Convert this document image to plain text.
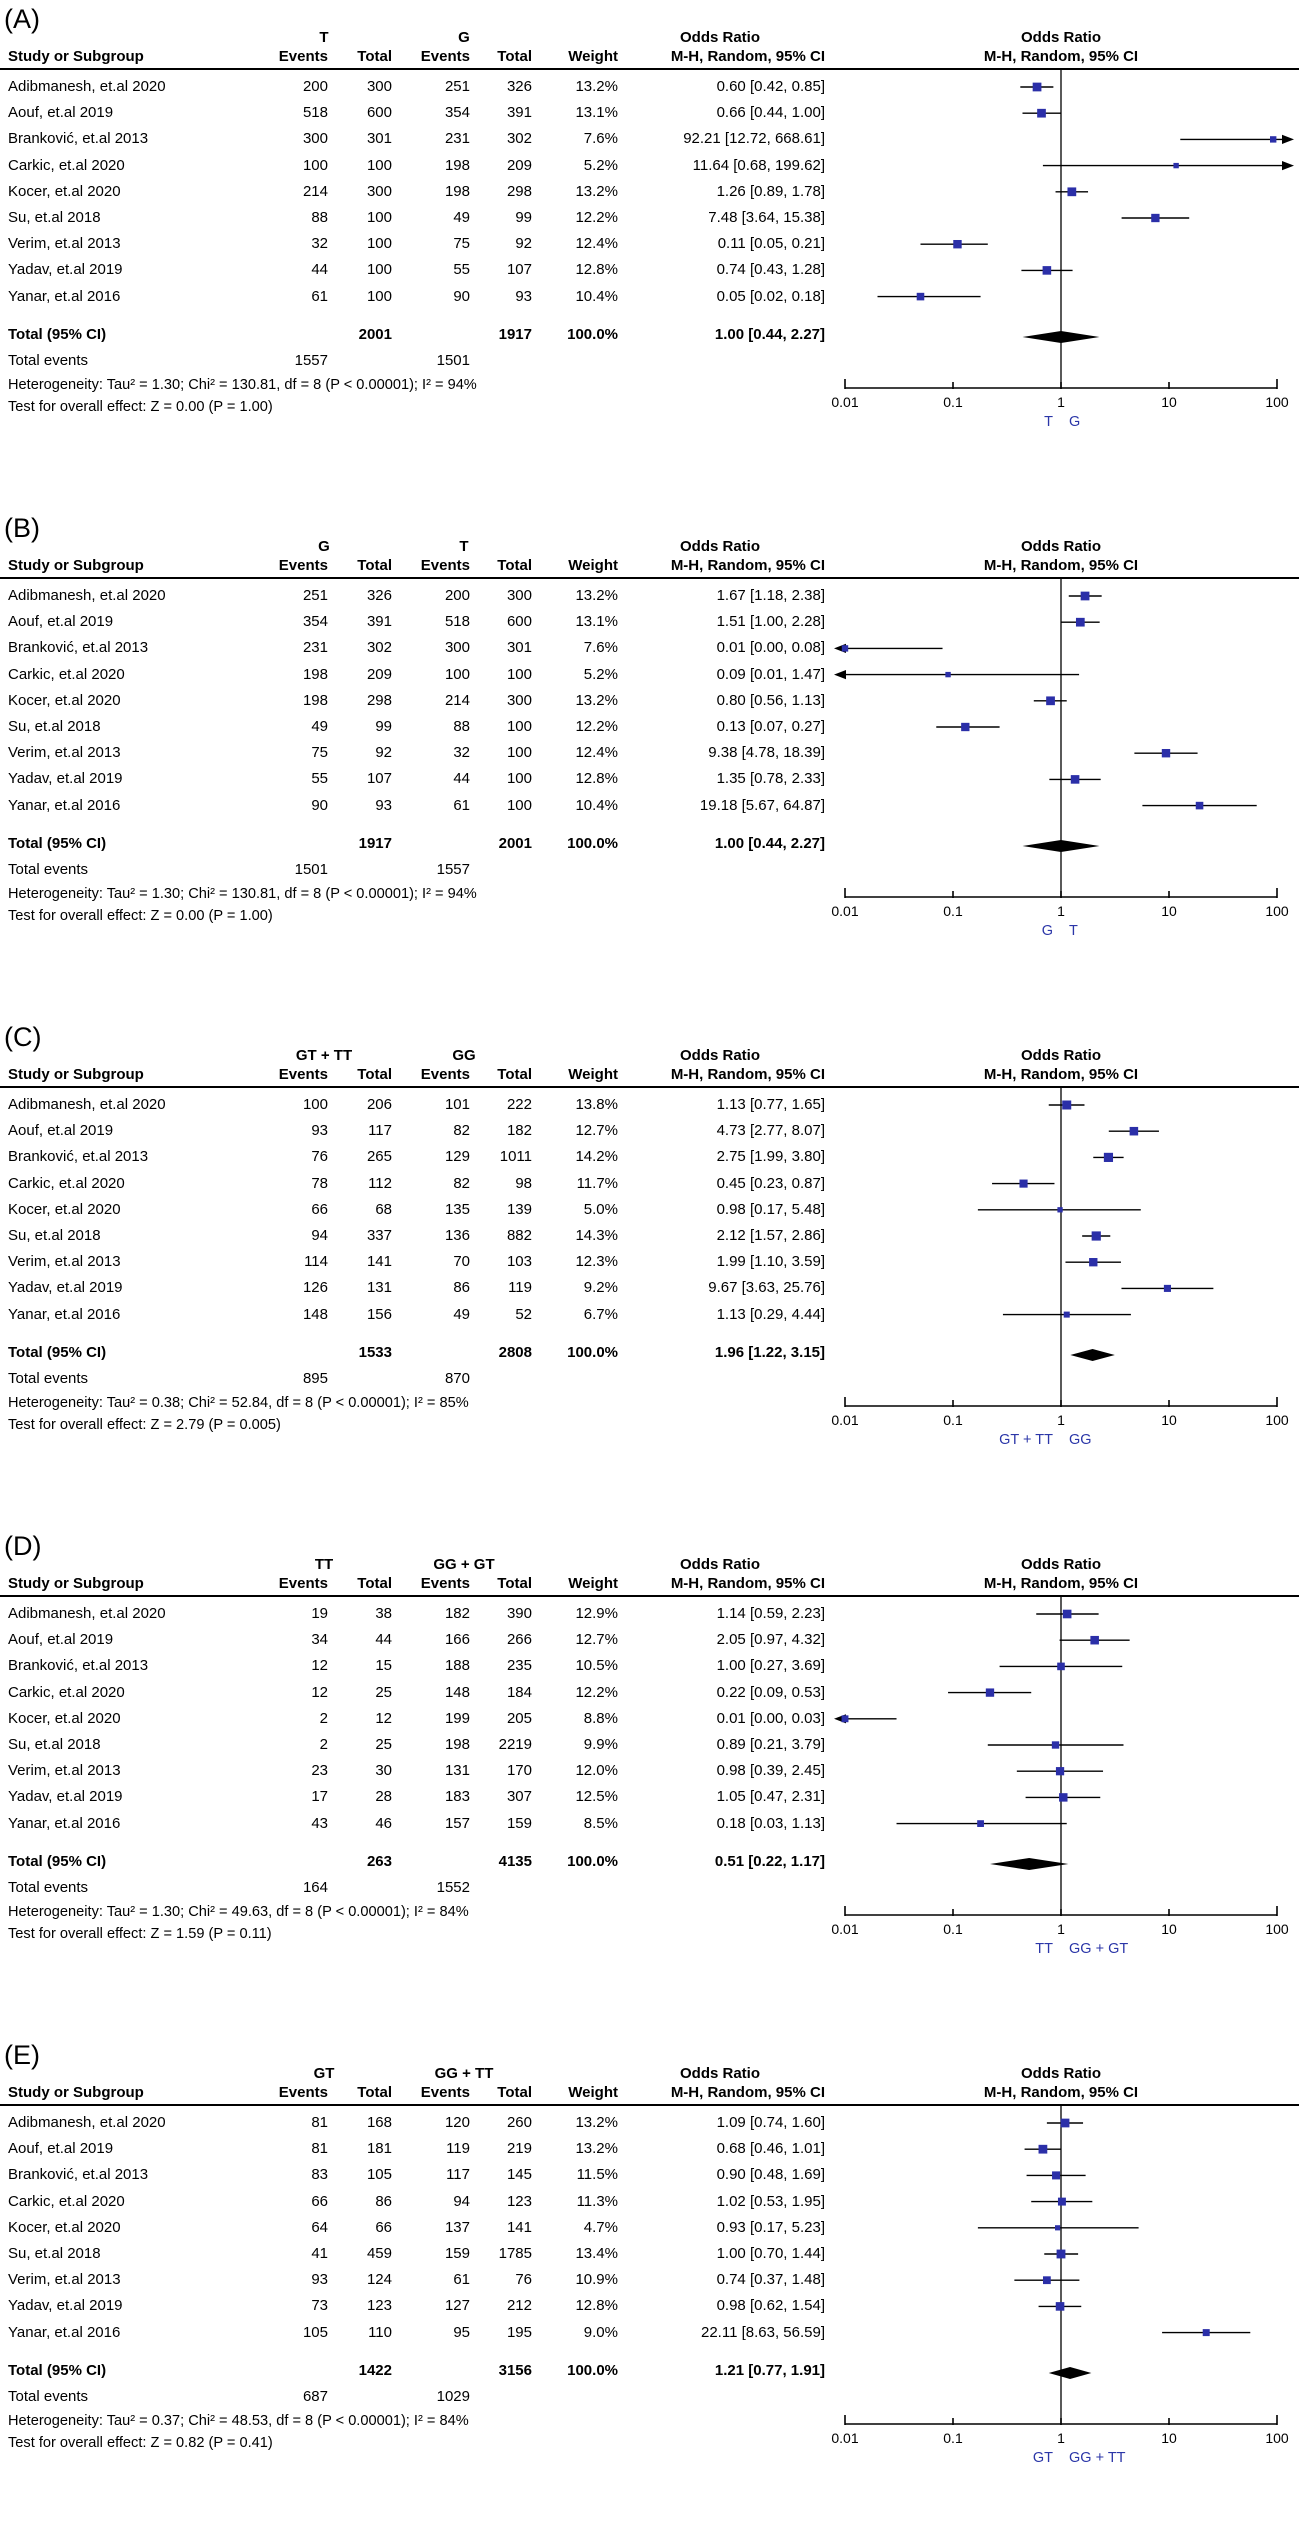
(A)
T	G	Odds Ratio	Odds Ratio
Study or Subgroup	Events	Total	Events	Total	Weight	M-H, Random, 95% CI	M-H, Random, 95% CI
Adibmanesh, et.al 2020	200	300	251	326	13.2%	0.60 [0.42, 0.85]
Aouf, et.al 2019	518	600	354	391	13.1%	0.66 [0.44, 1.00]
Branković, et.al 2013	300	301	231	302	7.6%	92.21 [12.72, 668.61]
Carkic, et.al 2020	100	100	198	209	5.2%	11.64 [0.68, 199.62]
Kocer, et.al 2020	214	300	198	298	13.2%	1.26 [0.89, 1.78]
Su, et.al 2018	88	100	49	99	12.2%	7.48 [3.64, 15.38]
Verim, et.al 2013	32	100	75	92	12.4%	0.11 [0.05, 0.21]
Yadav, et.al 2019	44	100	55	107	12.8%	0.74 [0.43, 1.28]
Yanar, et.al 2016	61	100	90	93	10.4%	0.05 [0.02, 0.18]
Total (95% CI)	2001	1917	100.0%	1.00 [0.44, 2.27]
Total events	1557	1501
Heterogeneity: Tau² = 1.30; Chi² = 130.81, df = 8 (P < 0.00001); I² = 94%
Test for overall effect: Z = 0.00 (P = 1.00)	0.01	0.1	1	10	100
T G
(B)
G	T	Odds Ratio	Odds Ratio
Study or Subgroup	Events	Total	Events	Total	Weight	M-H, Random, 95% CI	M-H, Random, 95% CI
Adibmanesh, et.al 2020	251	326	200	300	13.2%	1.67 [1.18, 2.38]
Aouf, et.al 2019	354	391	518	600	13.1%	1.51 [1.00, 2.28]
Branković, et.al 2013	231	302	300	301	7.6%	0.01 [0.00, 0.08]
Carkic, et.al 2020	198	209	100	100	5.2%	0.09 [0.01, 1.47]
Kocer, et.al 2020	198	298	214	300	13.2%	0.80 [0.56, 1.13]
Su, et.al 2018	49	99	88	100	12.2%	0.13 [0.07, 0.27]
Verim, et.al 2013	75	92	32	100	12.4%	9.38 [4.78, 18.39]
Yadav, et.al 2019	55	107	44	100	12.8%	1.35 [0.78, 2.33]
Yanar, et.al 2016	90	93	61	100	10.4%	19.18 [5.67, 64.87]
Total (95% CI)	1917	2001	100.0%	1.00 [0.44, 2.27]
Total events	1501	1557
Heterogeneity: Tau² = 1.30; Chi² = 130.81, df = 8 (P < 0.00001); I² = 94%
Test for overall effect: Z = 0.00 (P = 1.00)	0.01	0.1	1	10	100
G T
(C)
GT + TT	GG	Odds Ratio	Odds Ratio
Study or Subgroup	Events	Total	Events	Total	Weight	M-H, Random, 95% CI	M-H, Random, 95% CI
Adibmanesh, et.al 2020	100	206	101	222	13.8%	1.13 [0.77, 1.65]
Aouf, et.al 2019	93	117	82	182	12.7%	4.73 [2.77, 8.07]
Branković, et.al 2013	76	265	129	1011	14.2%	2.75 [1.99, 3.80]
Carkic, et.al 2020	78	112	82	98	11.7%	0.45 [0.23, 0.87]
Kocer, et.al 2020	66	68	135	139	5.0%	0.98 [0.17, 5.48]
Su, et.al 2018	94	337	136	882	14.3%	2.12 [1.57, 2.86]
Verim, et.al 2013	114	141	70	103	12.3%	1.99 [1.10, 3.59]
Yadav, et.al 2019	126	131	86	119	9.2%	9.67 [3.63, 25.76]
Yanar, et.al 2016	148	156	49	52	6.7%	1.13 [0.29, 4.44]
Total (95% CI)	1533	2808	100.0%	1.96 [1.22, 3.15]
Total events	895	870
Heterogeneity: Tau² = 0.38; Chi² = 52.84, df = 8 (P < 0.00001); I² = 85%
Test for overall effect: Z = 2.79 (P = 0.005)	0.01	0.1	1	10	100
GT + TT GG
(D)
TT	GG + GT	Odds Ratio	Odds Ratio
Study or Subgroup	Events	Total	Events	Total	Weight	M-H, Random, 95% CI	M-H, Random, 95% CI
Adibmanesh, et.al 2020	19	38	182	390	12.9%	1.14 [0.59, 2.23]
Aouf, et.al 2019	34	44	166	266	12.7%	2.05 [0.97, 4.32]
Branković, et.al 2013	12	15	188	235	10.5%	1.00 [0.27, 3.69]
Carkic, et.al 2020	12	25	148	184	12.2%	0.22 [0.09, 0.53]
Kocer, et.al 2020	2	12	199	205	8.8%	0.01 [0.00, 0.03]
Su, et.al 2018	2	25	198	2219	9.9%	0.89 [0.21, 3.79]
Verim, et.al 2013	23	30	131	170	12.0%	0.98 [0.39, 2.45]
Yadav, et.al 2019	17	28	183	307	12.5%	1.05 [0.47, 2.31]
Yanar, et.al 2016	43	46	157	159	8.5%	0.18 [0.03, 1.13]
Total (95% CI)	263	4135	100.0%	0.51 [0.22, 1.17]
Total events	164	1552
Heterogeneity: Tau² = 1.30; Chi² = 49.63, df = 8 (P < 0.00001); I² = 84%
Test for overall effect: Z = 1.59 (P = 0.11)	0.01	0.1	1	10	100
TT GG + GT
(E)
GT	GG + TT	Odds Ratio	Odds Ratio
Study or Subgroup	Events	Total	Events	Total	Weight	M-H, Random, 95% CI	M-H, Random, 95% CI
Adibmanesh, et.al 2020	81	168	120	260	13.2%	1.09 [0.74, 1.60]
Aouf, et.al 2019	81	181	119	219	13.2%	0.68 [0.46, 1.01]
Branković, et.al 2013	83	105	117	145	11.5%	0.90 [0.48, 1.69]
Carkic, et.al 2020	66	86	94	123	11.3%	1.02 [0.53, 1.95]
Kocer, et.al 2020	64	66	137	141	4.7%	0.93 [0.17, 5.23]
Su, et.al 2018	41	459	159	1785	13.4%	1.00 [0.70, 1.44]
Verim, et.al 2013	93	124	61	76	10.9%	0.74 [0.37, 1.48]
Yadav, et.al 2019	73	123	127	212	12.8%	0.98 [0.62, 1.54]
Yanar, et.al 2016	105	110	95	195	9.0%	22.11 [8.63, 56.59]
Total (95% CI)	1422	3156	100.0%	1.21 [0.77, 1.91]
Total events	687	1029
Heterogeneity: Tau² = 0.37; Chi² = 48.53, df = 8 (P < 0.00001); I² = 84%
Test for overall effect: Z = 0.82 (P = 0.41)	0.01	0.1	1	10	100
GT GG + TT
